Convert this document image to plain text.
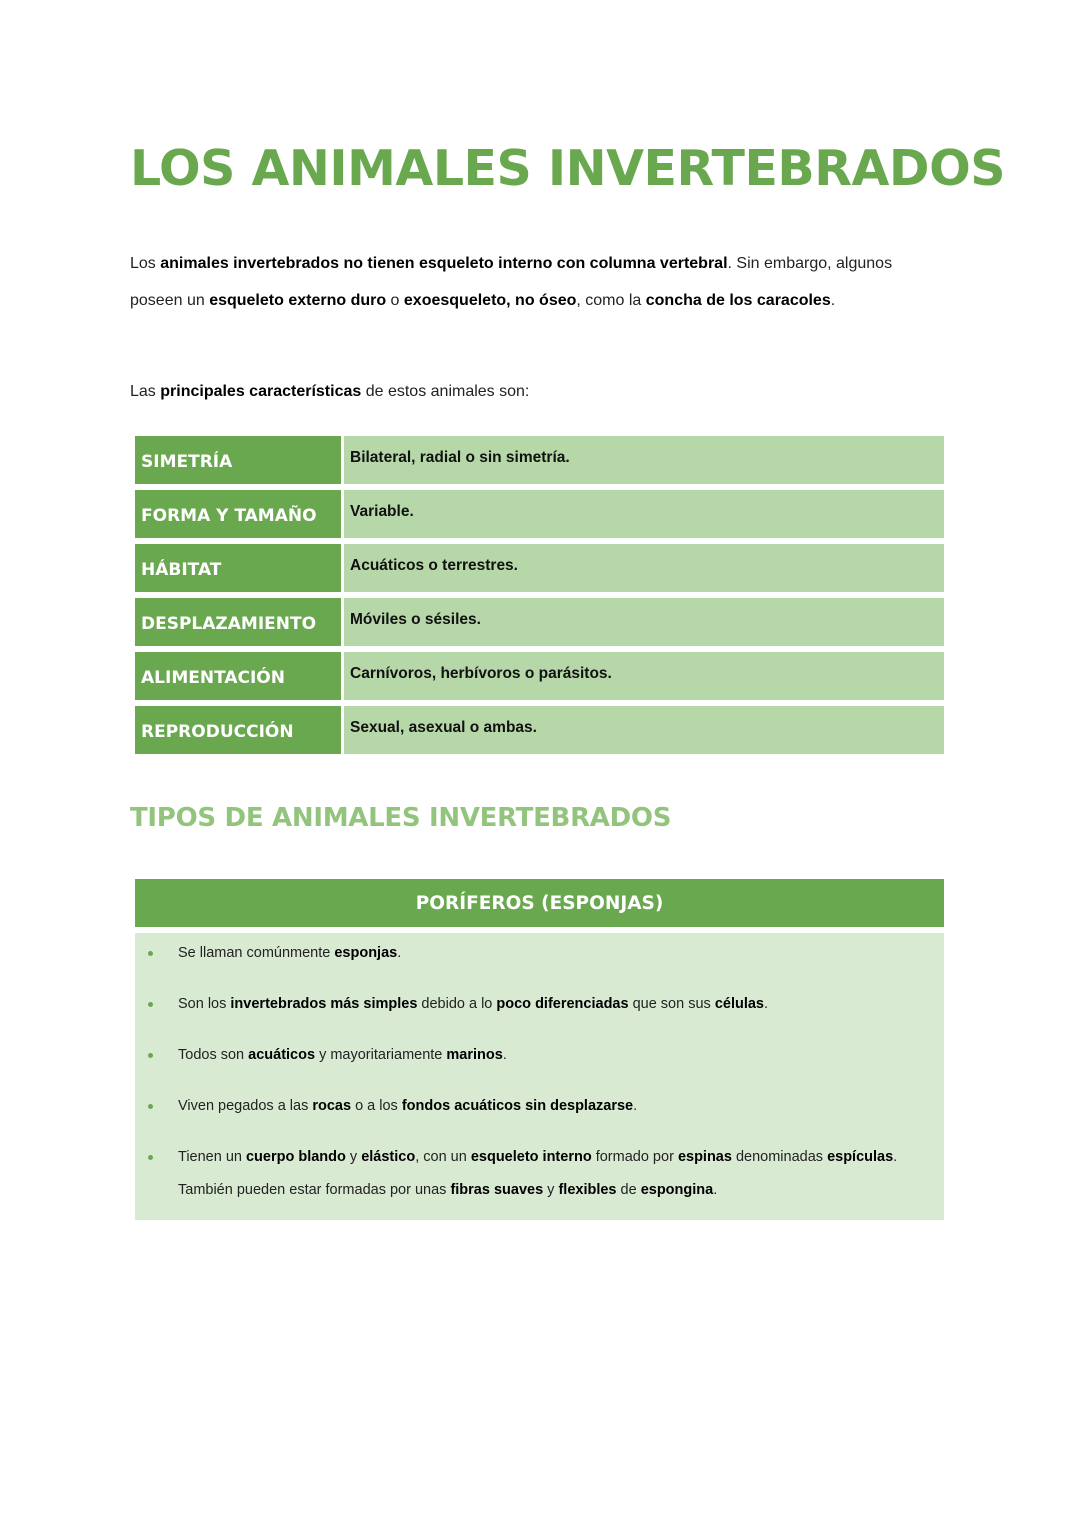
LOS ANIMALES INVERTEBRADOS

Los animales invertebrados no tienen esqueleto interno con columna vertebral. Sin embargo, algunos poseen un esqueleto externo duro o exoesqueleto, no óseo, como la concha de los caracoles.

Las principales características de estos animales son:

SIMETRÍA	Bilateral, radial o sin simetría.
FORMA Y TAMAÑO	Variable.
HÁBITAT	Acuáticos o terrestres.
DESPLAZAMIENTO	Móviles o sésiles.
ALIMENTACIÓN	Carnívoros, herbívoros o parásitos.
REPRODUCCIÓN	Sexual, asexual o ambas.
TIPOS DE ANIMALES INVERTEBRADOS
PORÍFEROS (ESPONJAS)
Se llaman comúnmente esponjas.
Son los invertebrados más simples debido a lo poco diferenciadas que son sus células.
Todos son acuáticos y mayoritariamente marinos.
Viven pegados a las rocas o a los fondos acuáticos sin desplazarse.
Tienen un cuerpo blando y elástico, con un esqueleto interno formado por espinas denominadas espículas. También pueden estar formadas por unas fibras suaves y flexibles de espongina.
